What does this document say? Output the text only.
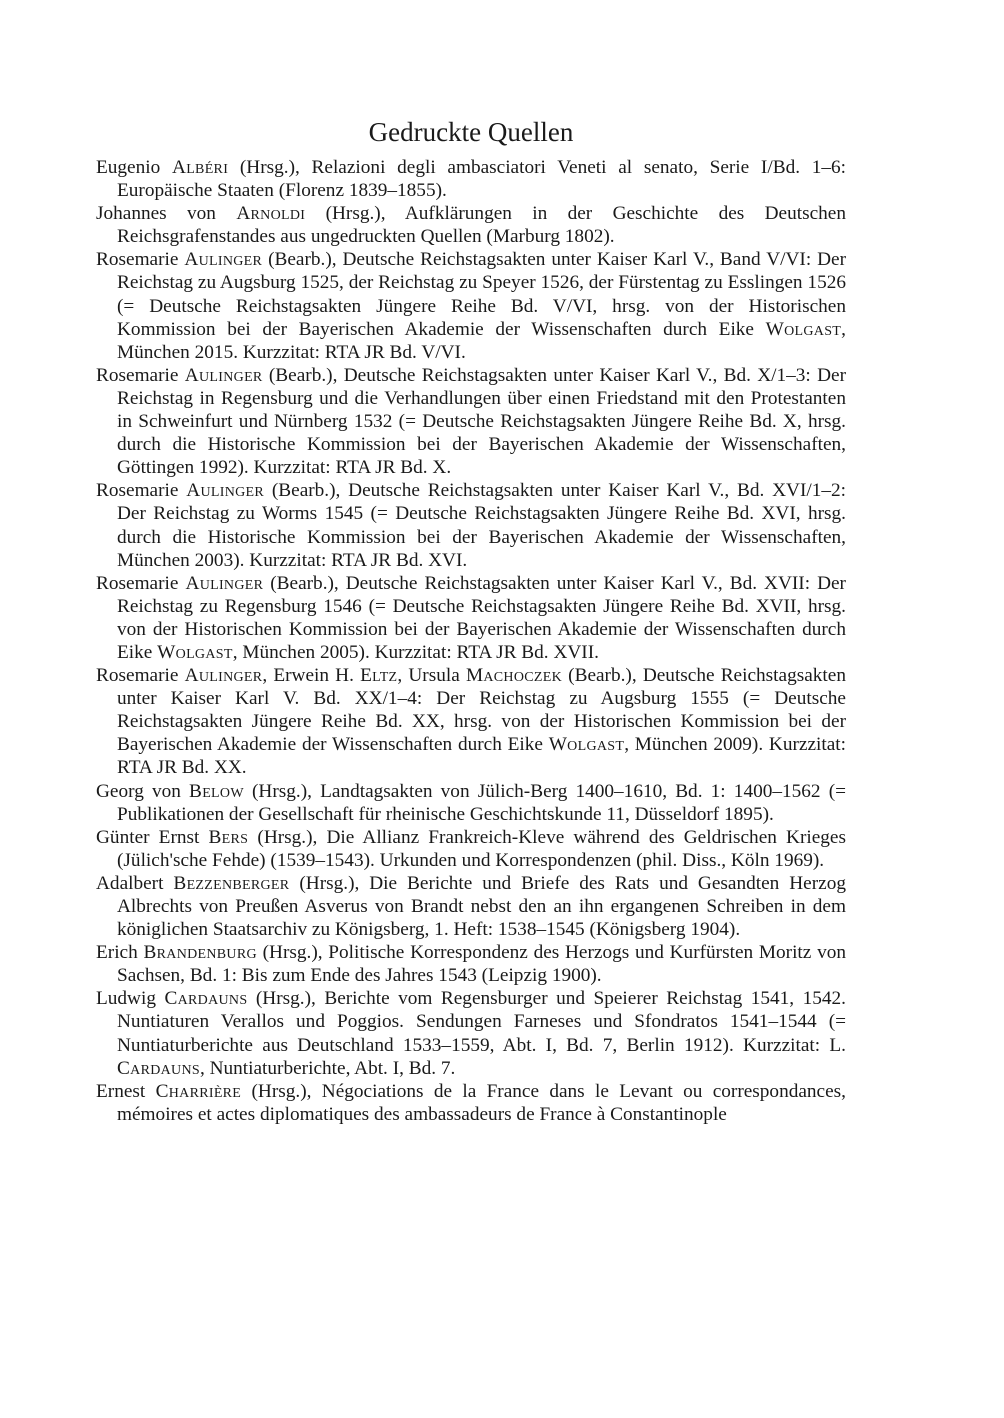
Gedruckte Quellen
Eugenio Albéri (Hrsg.), Relazioni degli ambasciatori Veneti al senato, Serie I/Bd. 1–6: Europäische Staaten (Florenz 1839–1855).
Johannes von Arnoldi (Hrsg.), Aufklärungen in der Geschichte des Deutschen Reichsgrafenstandes aus ungedruckten Quellen (Marburg 1802).
Rosemarie Aulinger (Bearb.), Deutsche Reichstagsakten unter Kaiser Karl V., Band V/VI: Der Reichstag zu Augsburg 1525, der Reichstag zu Speyer 1526, der Fürstentag zu Esslingen 1526 (= Deutsche Reichstagsakten Jüngere Reihe Bd. V/VI, hrsg. von der Historischen Kommission bei der Bayerischen Akademie der Wissenschaften durch Eike Wolgast, München 2015. Kurzzitat: RTA JR Bd. V/VI.
Rosemarie Aulinger (Bearb.), Deutsche Reichstagsakten unter Kaiser Karl V., Bd. X/1–3: Der Reichstag in Regensburg und die Verhandlungen über einen Friedstand mit den Protestanten in Schweinfurt und Nürnberg 1532 (= Deutsche Reichstagsakten Jüngere Reihe Bd. X, hrsg. durch die Historische Kommission bei der Bayerischen Akademie der Wissenschaften, Göttingen 1992). Kurzzitat: RTA JR Bd. X.
Rosemarie Aulinger (Bearb.), Deutsche Reichstagsakten unter Kaiser Karl V., Bd. XVI/1–2: Der Reichstag zu Worms 1545 (= Deutsche Reichstagsakten Jüngere Reihe Bd. XVI, hrsg. durch die Historische Kommission bei der Bayerischen Akademie der Wissenschaften, München 2003). Kurzzitat: RTA JR Bd. XVI.
Rosemarie Aulinger (Bearb.), Deutsche Reichstagsakten unter Kaiser Karl V., Bd. XVII: Der Reichstag zu Regensburg 1546 (= Deutsche Reichstagsakten Jüngere Reihe Bd. XVII, hrsg. von der Historischen Kommission bei der Bayerischen Akademie der Wissenschaften durch Eike Wolgast, München 2005). Kurzzitat: RTA JR Bd. XVII.
Rosemarie Aulinger, Erwein H. Eltz, Ursula Machoczek (Bearb.), Deutsche Reichstagsakten unter Kaiser Karl V. Bd. XX/1–4: Der Reichstag zu Augsburg 1555 (= Deutsche Reichstagsakten Jüngere Reihe Bd. XX, hrsg. von der Historischen Kommission bei der Bayerischen Akademie der Wissenschaften durch Eike Wolgast, München 2009). Kurzzitat: RTA JR Bd. XX.
Georg von Below (Hrsg.), Landtagsakten von Jülich-Berg 1400–1610, Bd. 1: 1400–1562 (= Publikationen der Gesellschaft für rheinische Geschichtskunde 11, Düsseldorf 1895).
Günter Ernst Bers (Hrsg.), Die Allianz Frankreich-Kleve während des Geldrischen Krieges (Jülich'sche Fehde) (1539–1543). Urkunden und Korrespondenzen (phil. Diss., Köln 1969).
Adalbert Bezzenberger (Hrsg.), Die Berichte und Briefe des Rats und Gesandten Herzog Albrechts von Preußen Asverus von Brandt nebst den an ihn ergangenen Schreiben in dem königlichen Staatsarchiv zu Königsberg, 1. Heft: 1538–1545 (Königsberg 1904).
Erich Brandenburg (Hrsg.), Politische Korrespondenz des Herzogs und Kurfürsten Moritz von Sachsen, Bd. 1: Bis zum Ende des Jahres 1543 (Leipzig 1900).
Ludwig Cardauns (Hrsg.), Berichte vom Regensburger und Speierer Reichstag 1541, 1542. Nuntiaturen Verallos und Poggios. Sendungen Farneses und Sfondratos 1541–1544 (= Nuntiaturberichte aus Deutschland 1533–1559, Abt. I, Bd. 7, Berlin 1912). Kurzzitat: L. Cardauns, Nuntiaturberichte, Abt. I, Bd. 7.
Ernest Charrière (Hrsg.), Négociations de la France dans le Levant ou correspondances, mémoires et actes diplomatiques des ambassadeurs de France à Constantinople
